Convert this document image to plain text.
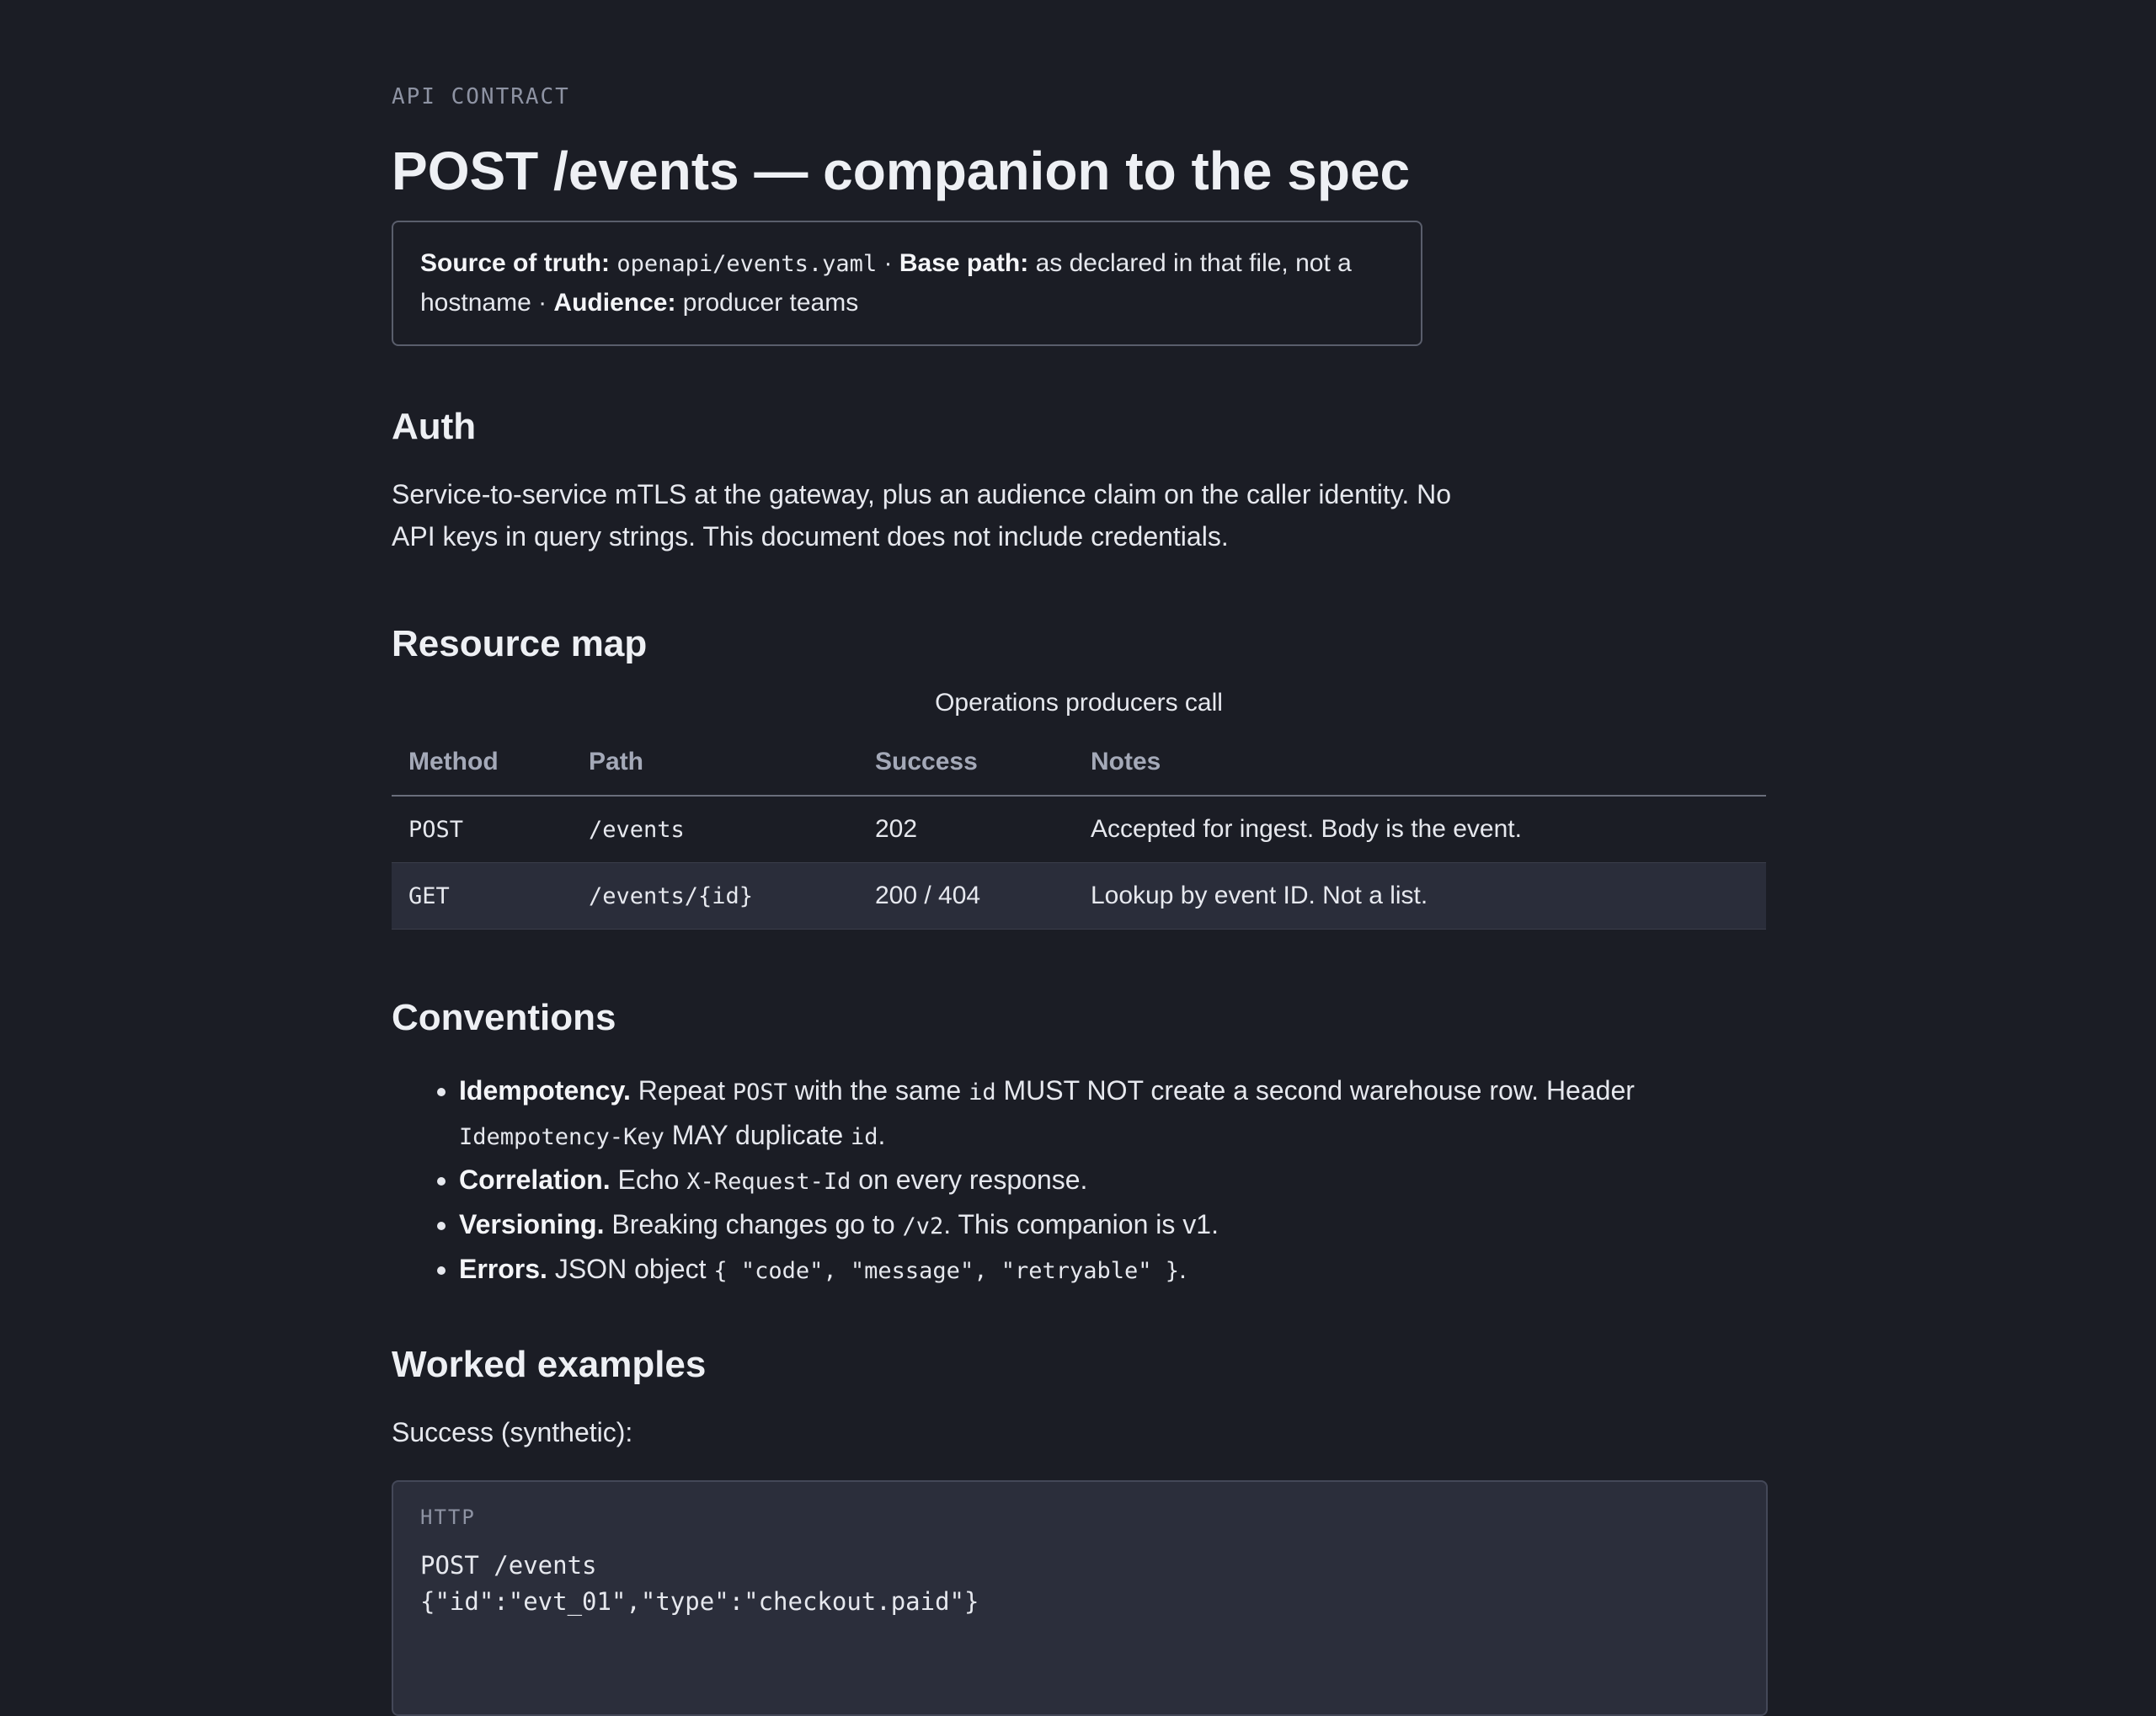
API CONTRACT
POST /events — companion to the spec
Source of truth: openapi/events.yaml · Base path: as declared in that file, not a hostname · Audience: producer teams
Auth

Service-to-service mTLS at the gateway, plus an audience claim on the caller identity. No API keys in query strings. This document does not include credentials.

Resource map
Operations producers call
Method	Path	Success	Notes
POST	/events	202	Accepted for ingest. Body is the event.
GET	/events/{id}	200 / 404	Lookup by event ID. Not a list.
Conventions
• Idempotency. Repeat POST with the same id MUST NOT create a second warehouse row. Header Idempotency-Key MAY duplicate id.
• Correlation. Echo X-Request-Id on every response.
• Versioning. Breaking changes go to /v2. This companion is v1.
• Errors. JSON object { "code", "message", "retryable" }.
Worked examples

Success (synthetic):

HTTP
POST /events
{"id":"evt_01","type":"checkout.paid"}
